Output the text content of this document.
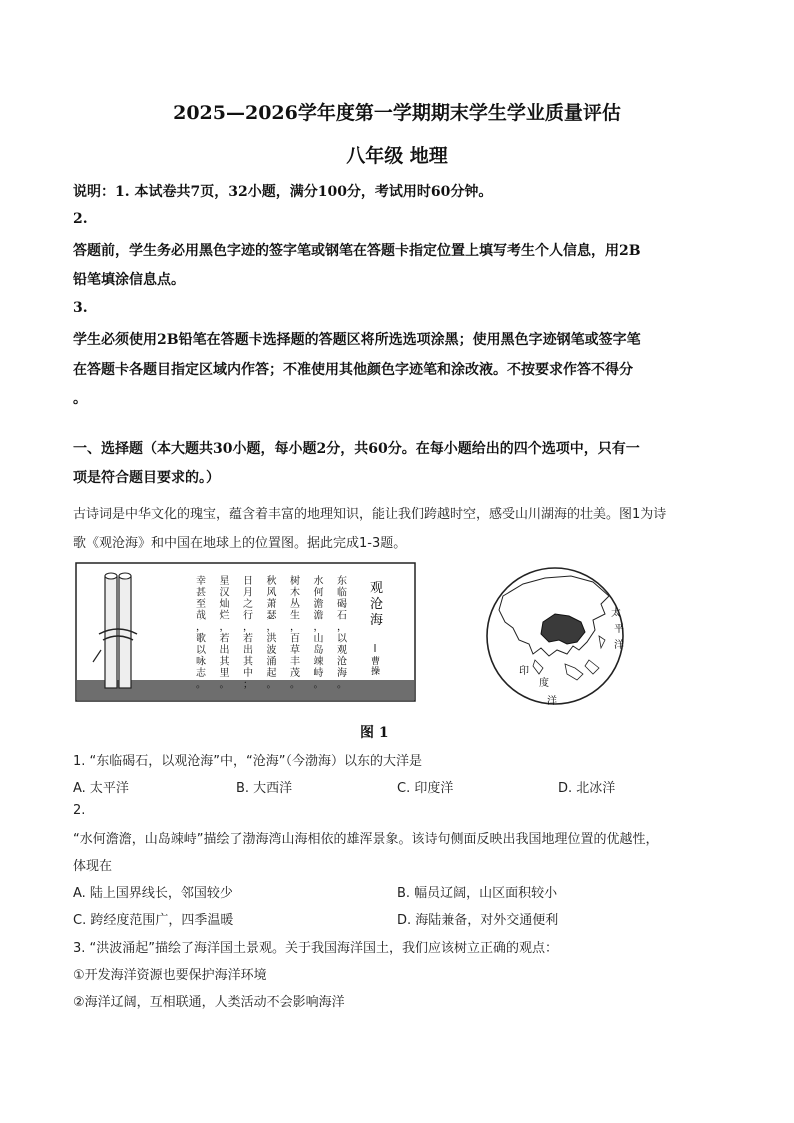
2025—2026学年度第一学期期末学生学业质量评估
八年级 地理
说明：1. 本试卷共7页，32小题，满分100分，考试用时60分钟。
2.
答题前，学生务必用黑色字迹的签字笔或钢笔在答题卡指定位置上填写考生个人信息，用2B
铅笔填涂信息点。
3.
学生必须使用2B铅笔在答题卡选择题的答题区将所选选项涂黑；使用黑色字迹钢笔或签字笔
在答题卡各题目指定区域内作答；不准使用其他颜色字迹笔和涂改液。不按要求作答不得分
。
一、选择题（本大题共30小题，每小题2分，共60分。在每小题给出的四个选项中，只有一
项是符合题目要求的。）
古诗词是中华文化的瑰宝，蕴含着丰富的地理知识，能让我们跨越时空，感受山川湖海的壮美。图1为诗
歌《观沧海》和中国在地球上的位置图。据此完成1-3题。
东临碣石，以观沧海。
水何澹澹，山岛竦峙。
树木丛生，百草丰茂。
秋风萧瑟，洪波涌起。
日月之行，若出其中；
星汉灿烂，若出其里。
幸甚至哉，歌以咏志。
观沧海
曹操
太
平
洋
印
度
洋
图 1
1. “东临碣石，以观沧海”中，“沧海”（今渤海）以东的大洋是
A. 太平洋	B. 大西洋	C. 印度洋	D. 北冰洋
2.
“水何澹澹，山岛竦峙”描绘了渤海湾山海相依的雄浑景象。该诗句侧面反映出我国地理位置的优越性，
体现在
A. 陆上国界线长，邻国较少	B. 幅员辽阔，山区面积较小
C. 跨经度范围广，四季温暖	D. 海陆兼备，对外交通便利
3. “洪波涌起”描绘了海洋国土景观。关于我国海洋国土，我们应该树立正确的观点：
①开发海洋资源也要保护海洋环境
②海洋辽阔，互相联通，人类活动不会影响海洋
